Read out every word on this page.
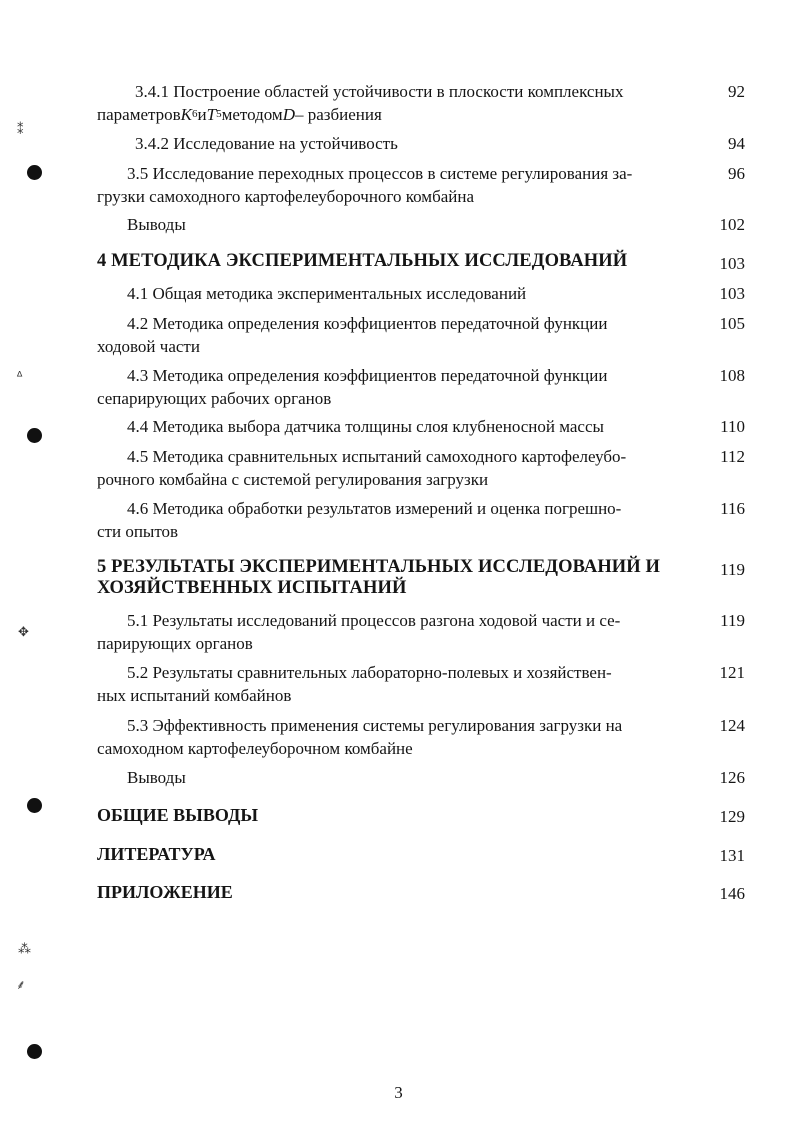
⁑
ᐞ
✥
⁂
⸙
3.4.1 Построение областей устойчивости в плоскости комплексных
параметров K 6 и T 5 методом D – разбиения
92
3.4.2 Исследование на устойчивость	94
3.5 Исследование переходных процессов в системе регулирования за-
грузки самоходного картофелеуборочного комбайна
96
Выводы	102
4 МЕТОДИКА ЭКСПЕРИМЕНТАЛЬНЫХ ИССЛЕДОВАНИЙ	103
4.1 Общая методика экспериментальных исследований	103
4.2 Методика определения коэффициентов передаточной функции
ходовой части
105
4.3 Методика определения коэффициентов передаточной функции
сепарирующих рабочих органов
108
4.4 Методика выбора датчика толщины слоя клубненосной массы	110
4.5 Методика сравнительных испытаний самоходного картофелеубо-
рочного комбайна с системой регулирования загрузки
112
4.6 Методика обработки результатов измерений и оценка погрешно-
сти опытов
116
5 РЕЗУЛЬТАТЫ ЭКСПЕРИМЕНТАЛЬНЫХ ИССЛЕДОВАНИЙ И
ХОЗЯЙСТВЕННЫХ ИСПЫТАНИЙ
119
5.1 Результаты исследований процессов разгона ходовой части и се-
парирующих органов
119
5.2 Результаты сравнительных лабораторно-полевых и хозяйствен-
ных испытаний комбайнов
121
5.3 Эффективность применения системы регулирования загрузки на
самоходном картофелеуборочном комбайне
124
Выводы	126
ОБЩИЕ ВЫВОДЫ	129
ЛИТЕРАТУРА	131
ПРИЛОЖЕНИЕ	146
3
